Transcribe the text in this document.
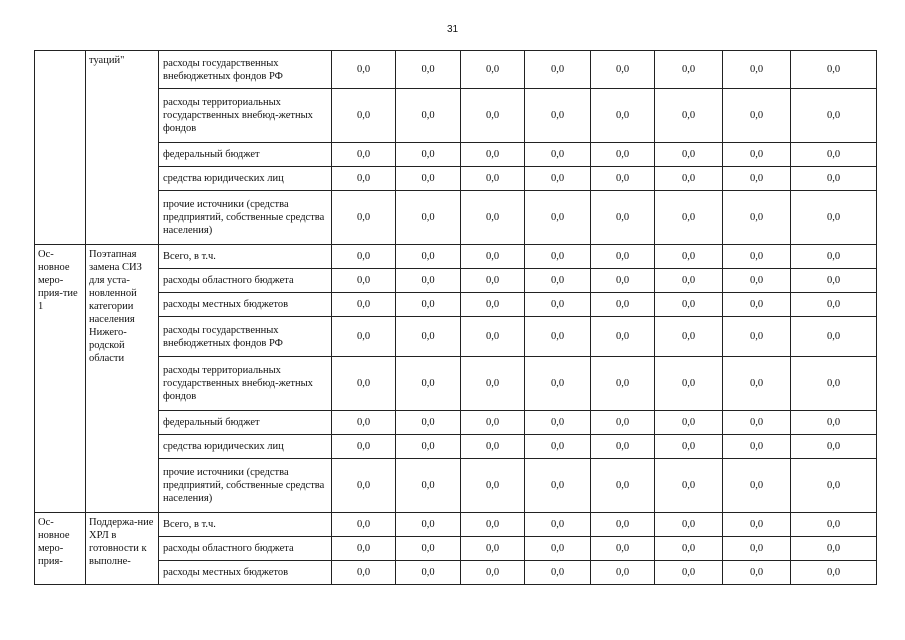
31
	туаций"	расходы государственных внебюджетных фондов РФ	0,0	0,0	0,0	0,0	0,0	0,0	0,0	0,0
		расходы территориальных государственных внебюд-жетных фондов	0,0	0,0	0,0	0,0	0,0	0,0	0,0	0,0
		федеральный бюджет	0,0	0,0	0,0	0,0	0,0	0,0	0,0	0,0
		средства юридических лиц	0,0	0,0	0,0	0,0	0,0	0,0	0,0	0,0
		прочие источники (средства предприятий, собственные средства населения)	0,0	0,0	0,0	0,0	0,0	0,0	0,0	0,0
Ос-новное меро-прия-тие 1	Поэтапная замена СИЗ для уста-новленной категории населения Нижего-родской области	Всего, в т.ч.	0,0	0,0	0,0	0,0	0,0	0,0	0,0	0,0
		расходы областного бюджета	0,0	0,0	0,0	0,0	0,0	0,0	0,0	0,0
		расходы местных бюджетов	0,0	0,0	0,0	0,0	0,0	0,0	0,0	0,0
		расходы государственных внебюджетных фондов РФ	0,0	0,0	0,0	0,0	0,0	0,0	0,0	0,0
		расходы территориальных государственных внебюд-жетных фондов	0,0	0,0	0,0	0,0	0,0	0,0	0,0	0,0
		федеральный бюджет	0,0	0,0	0,0	0,0	0,0	0,0	0,0	0,0
		средства юридических лиц	0,0	0,0	0,0	0,0	0,0	0,0	0,0	0,0
		прочие источники (средства предприятий, собственные средства населения)	0,0	0,0	0,0	0,0	0,0	0,0	0,0	0,0
Ос-новное меро-прия-	Поддержа-ние ХРЛ в готовности к выполне-	Всего, в т.ч.	0,0	0,0	0,0	0,0	0,0	0,0	0,0	0,0
		расходы областного бюджета	0,0	0,0	0,0	0,0	0,0	0,0	0,0	0,0
		расходы местных бюджетов	0,0	0,0	0,0	0,0	0,0	0,0	0,0	0,0
